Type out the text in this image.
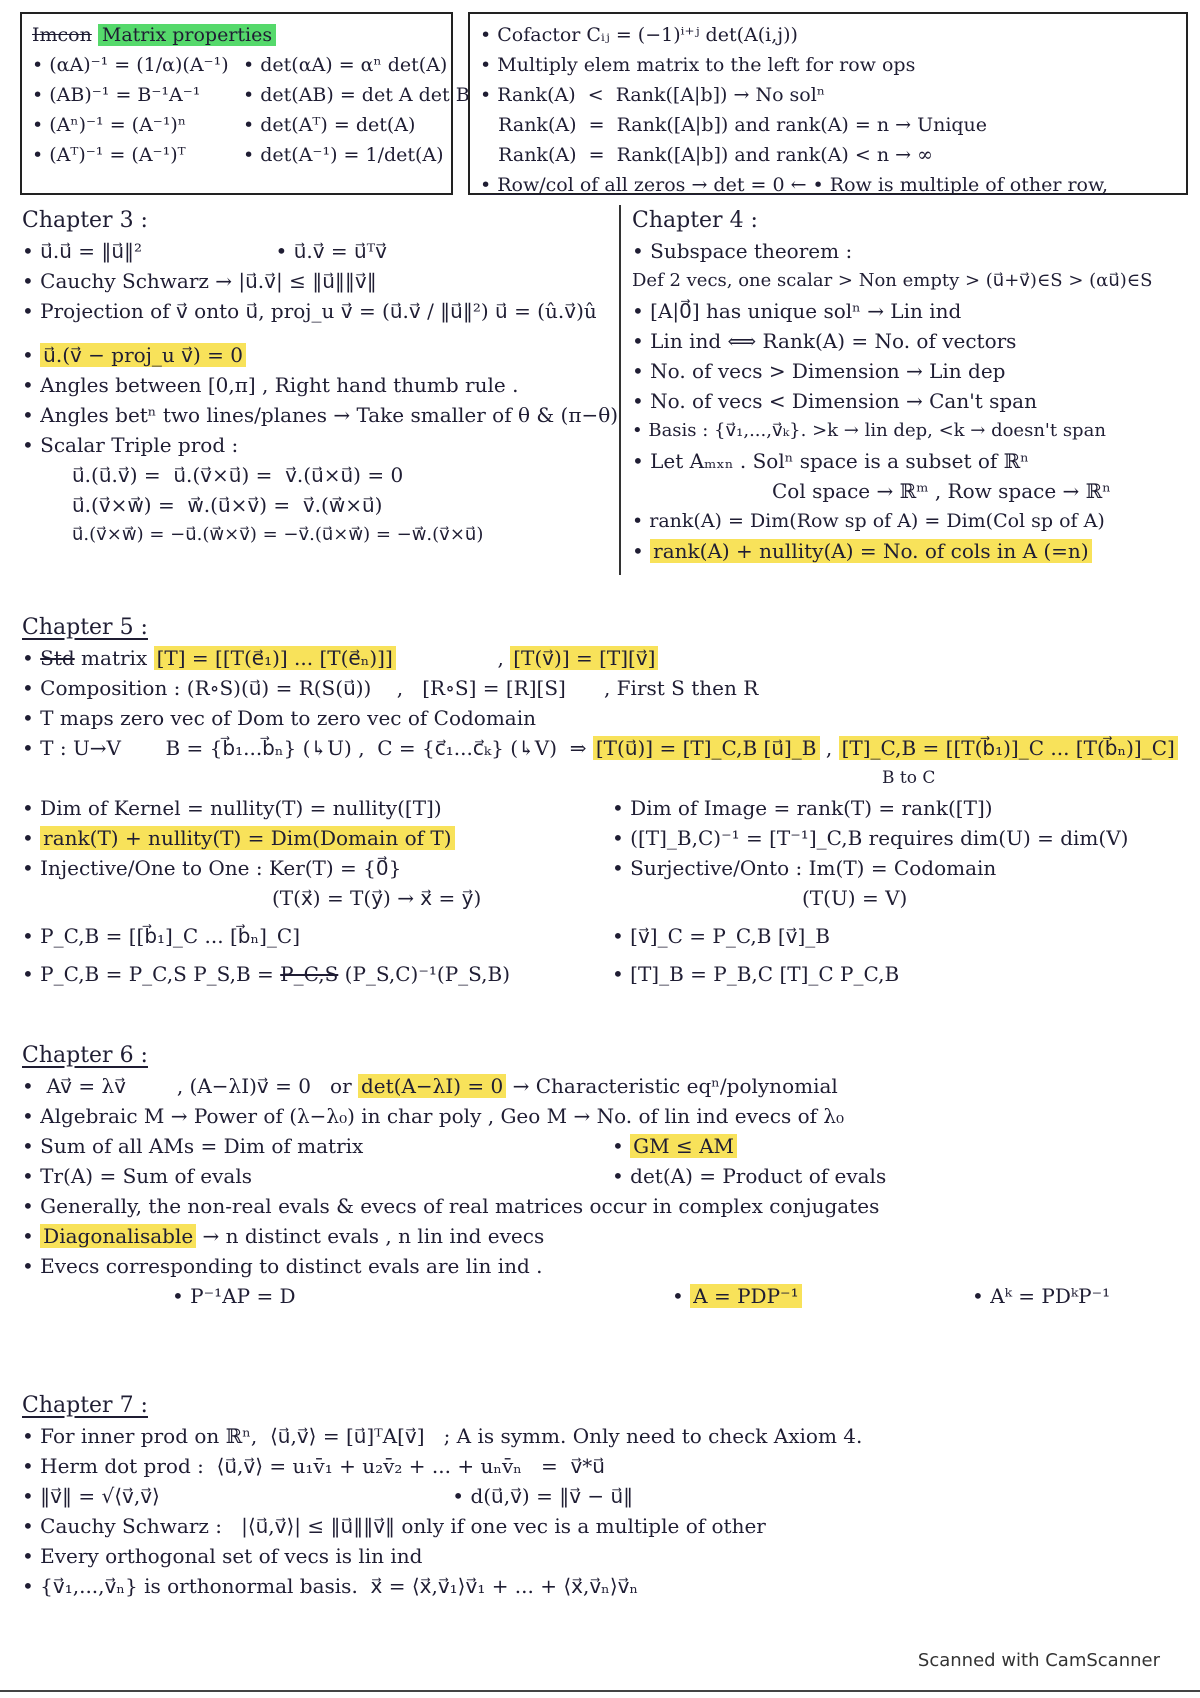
Imcon Matrix properties
• (αA)⁻¹ = (1/α)(A⁻¹) • det(αA) = αⁿ det(A)
• (AB)⁻¹ = B⁻¹A⁻¹	• det(AB) = det A det B
• (Aⁿ)⁻¹ = (A⁻¹)ⁿ	• det(Aᵀ) = det(A)
• (Aᵀ)⁻¹ = (A⁻¹)ᵀ	• det(A⁻¹) = 1/det(A)
• Cofactor Cᵢⱼ = (−1)ⁱ⁺ʲ det(A(i,j))
• Multiply elem matrix to the left for row ops
• Rank(A)  <  Rank([A|b]) → No solⁿ
Rank(A)  =  Rank([A|b]) and rank(A) = n → Unique
Rank(A)  =  Rank([A|b]) and rank(A) < n → ∞
• Row/col of all zeros → det = 0 ← • Row is multiple of other row,
Chapter 3 :
• u⃗.u⃗ = ‖u⃗‖²                     • u⃗.v⃗ = u⃗ᵀv⃗
• Cauchy Schwarz → |u⃗.v⃗| ≤ ‖u⃗‖‖v⃗‖
• Projection of v⃗ onto u⃗, proj_u v⃗ = (u⃗.v⃗ / ‖u⃗‖²) u⃗ = (û.v⃗)û
• u⃗.(v⃗ − proj_u v⃗) = 0
• Angles between [0,π] , Right hand thumb rule .
• Angles betⁿ two lines/planes → Take smaller of θ & (π−θ)
• Scalar Triple prod :
u⃗.(u⃗.v⃗) =  u⃗.(v⃗×u⃗) =  v⃗.(u⃗×u⃗) = 0
u⃗.(v⃗×w⃗) =  w⃗.(u⃗×v⃗) =  v⃗.(w⃗×u⃗)
u⃗.(v⃗×w⃗) = −u⃗.(w⃗×v⃗) = −v⃗.(u⃗×w⃗) = −w⃗.(v⃗×u⃗)
Chapter 4 :
• Subspace theorem :
Def 2 vecs, one scalar > Non empty > (u⃗+v⃗)∈S > (αu⃗)∈S
• [A|0⃗] has unique solⁿ → Lin ind
• Lin ind ⟺ Rank(A) = No. of vectors
• No. of vecs > Dimension → Lin dep
• No. of vecs < Dimension → Can't span
• Basis : {v⃗₁,...,v⃗ₖ}. >k → lin dep, <k → doesn't span
• Let Aₘₓₙ . Solⁿ space is a subset of ℝⁿ
Col space → ℝᵐ , Row space → ℝⁿ
• rank(A) = Dim(Row sp of A) = Dim(Col sp of A)
• rank(A) + nullity(A) = No. of cols in A (=n)
Chapter 5 :
• Std matrix [T] = [[T(e⃗₁)] ... [T(e⃗ₙ)]]                , [T(v⃗)] = [T][v⃗]
• Composition : (R∘S)(u⃗) = R(S(u⃗))    ,   [R∘S] = [R][S]      , First S then R
• T maps zero vec of Dom to zero vec of Codomain
• T : U→V       B = {b⃗₁...b⃗ₙ} (↳U) ,  C = {c⃗₁...c⃗ₖ} (↳V)  ⇒ [T(u⃗)] = [T]_C,B [u⃗]_B , [T]_C,B = [[T(b⃗₁)]_C ... [T(b⃗ₙ)]_C]
B to C
• Dim of Kernel = nullity(T) = nullity([T])	• Dim of Image = rank(T) = rank([T])
• rank(T) + nullity(T) = Dim(Domain of T)	• ([T]_B,C)⁻¹ = [T⁻¹]_C,B requires dim(U) = dim(V)
• Injective/One to One : Ker(T) = {0⃗}	• Surjective/Onto : Im(T) = Codomain
(T(x⃗) = T(y⃗) → x⃗ = y⃗)	(T(U) = V)
• P_C,B = [[b⃗₁]_C ... [b⃗ₙ]_C]	• [v⃗]_C = P_C,B [v⃗]_B
• P_C,B = P_C,S P_S,B = P_C,S (P_S,C)⁻¹(P_S,B)	• [T]_B = P_B,C [T]_C P_C,B
Chapter 6 :
•  Av⃗ = λv⃗        , (A−λI)v⃗ = 0   or det(A−λI) = 0 → Characteristic eqⁿ/polynomial
• Algebraic M → Power of (λ−λ₀) in char poly , Geo M → No. of lin ind evecs of λ₀
• Sum of all AMs = Dim of matrix	• GM ≤ AM
• Tr(A) = Sum of evals	• det(A) = Product of evals
• Generally, the non-real evals & evecs of real matrices occur in complex conjugates
• Diagonalisable → n distinct evals , n lin ind evecs
• Evecs corresponding to distinct evals are lin ind .
• P⁻¹AP = D	• A = PDP⁻¹	• Aᵏ = PDᵏP⁻¹
Chapter 7 :
• For inner prod on ℝⁿ,  ⟨u⃗,v⃗⟩ = [u⃗]ᵀA[v⃗]   ; A is symm. Only need to check Axiom 4.
• Herm dot prod :  ⟨u⃗,v⃗⟩ = u₁v̄₁ + u₂v̄₂ + ... + uₙv̄ₙ   =  v⃗*u⃗
• ‖v⃗‖ = √⟨v⃗,v⃗⟩                                              • d(u⃗,v⃗) = ‖v⃗ − u⃗‖
• Cauchy Schwarz :   |⟨u⃗,v⃗⟩| ≤ ‖u⃗‖‖v⃗‖ only if one vec is a multiple of other
• Every orthogonal set of vecs is lin ind
• {v⃗₁,...,v⃗ₙ} is orthonormal basis.  x⃗ = ⟨x⃗,v⃗₁⟩v⃗₁ + ... + ⟨x⃗,v⃗ₙ⟩v⃗ₙ
Scanned with CamScanner
